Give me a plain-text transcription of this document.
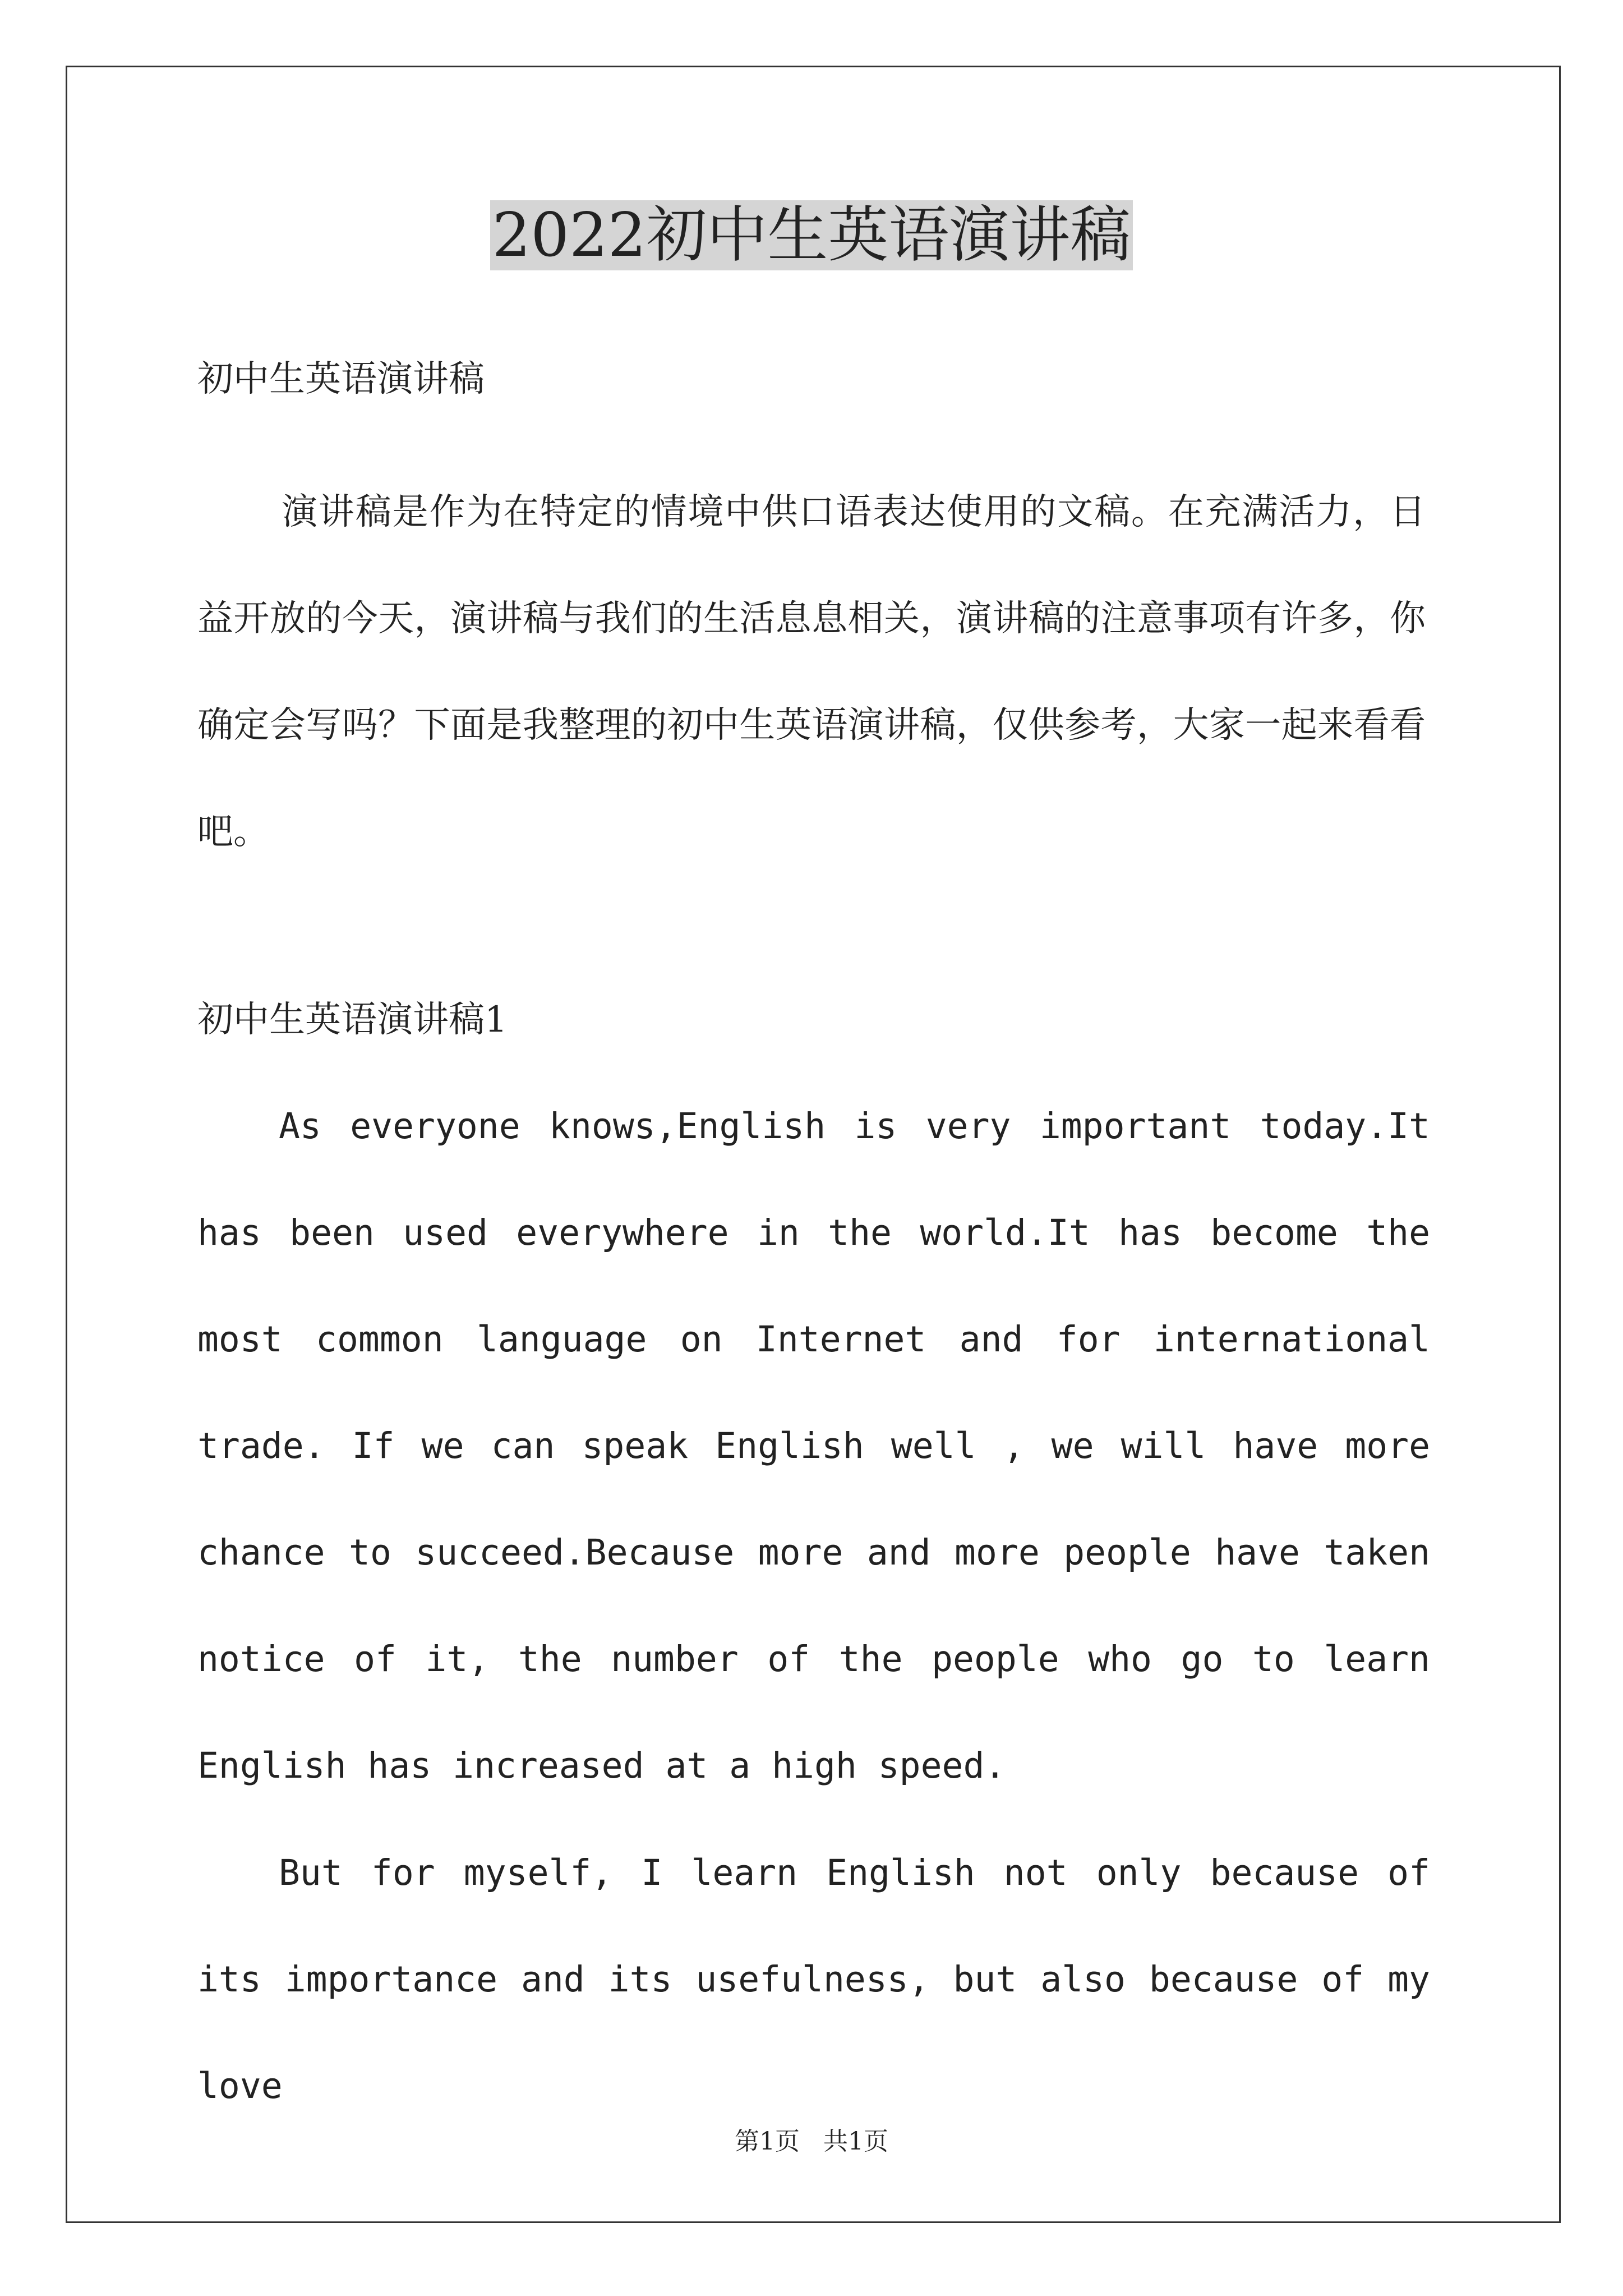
2022初中生英语演讲稿
初中生英语演讲稿

演讲稿是作为在特定的情境中供口语表达使用的文稿。在充满活力，日益开放的今天，演讲稿与我们的生活息息相关，演讲稿的注意事项有许多，你确定会写吗？下面是我整理的初中生英语演讲稿，仅供参考，大家一起来看看吧。

初中生英语演讲稿1

As everyone knows,English is very important today.It has been used everywhere in the world.It has become the most common language on Internet and for international trade. If we can speak English well , we will have more chance to succeed.Because more and more people have taken notice of it, the number of the people who go to learn English has increased at a high speed.

But for myself, I learn English not only because of its importance and its usefulness, but also because of my love

第1页   共1页
